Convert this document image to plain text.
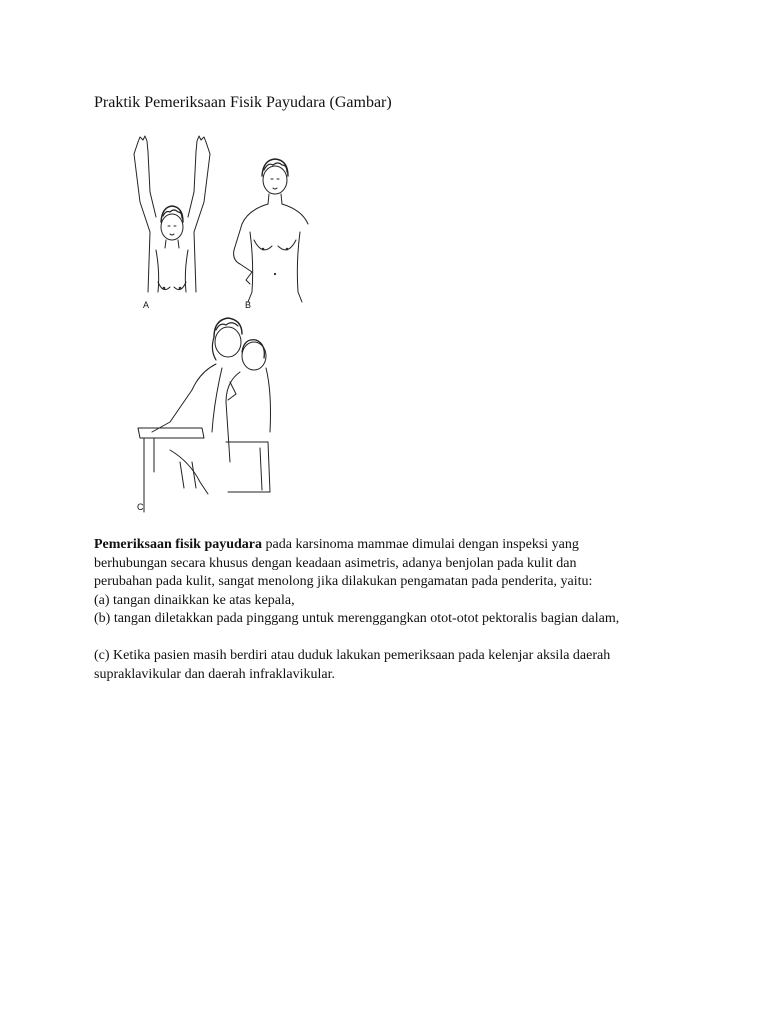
Praktik Pemeriksaan Fisik Payudara (Gambar)
A	B
C

Pemeriksaan fisik payudara pada karsinoma mammae dimulai dengan inspeksi yang

berhubungan secara khusus dengan keadaan asimetris, adanya benjolan pada kulit dan

perubahan pada kulit, sangat menolong jika dilakukan pengamatan pada penderita, yaitu:

(a) tangan dinaikkan ke atas kepala,

(b) tangan diletakkan pada pinggang untuk merenggangkan otot-otot pektoralis bagian dalam,

(c) Ketika pasien masih berdiri atau duduk lakukan pemeriksaan pada kelenjar aksila daerah

supraklavikular dan daerah infraklavikular.
